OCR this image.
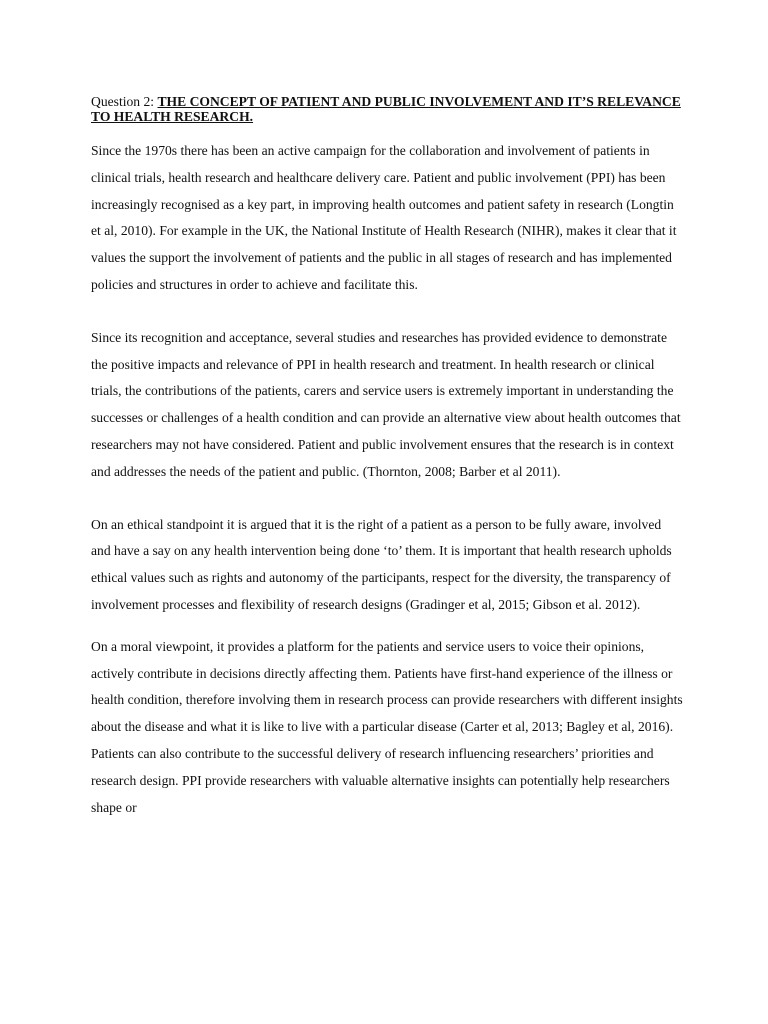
Question 2: THE CONCEPT OF PATIENT AND PUBLIC INVOLVEMENT AND IT’S RELEVANCE TO HEALTH RESEARCH.

Since the 1970s there has been an active campaign for the collaboration and involvement of patients in clinical trials, health research and healthcare delivery care. Patient and public involvement (PPI) has been increasingly recognised as a key part, in improving health outcomes and patient safety in research (Longtin et al, 2010). For example in the UK, the National Institute of Health Research (NIHR), makes it clear that it values the support the involvement of patients and the public in all stages of research and has implemented policies and structures in order to achieve and facilitate this.

Since its recognition and acceptance, several studies and researches has provided evidence to demonstrate the positive impacts and relevance of PPI in health research and treatment. In health research or clinical trials, the contributions of the patients, carers and service users is extremely important in understanding the successes or challenges of a health condition and can provide an alternative view about health outcomes that researchers may not have considered. Patient and public involvement ensures that the research is in context and addresses the needs of the patient and public. (Thornton, 2008; Barber et al 2011).

On an ethical standpoint it is argued that it is the right of a patient as a person to be fully aware, involved and have a say on any health intervention being done ‘to’ them. It is important that health research upholds ethical values such as rights and autonomy of the participants, respect for the diversity, the transparency of involvement processes and flexibility of research designs (Gradinger et al, 2015; Gibson et al. 2012).

On a moral viewpoint, it provides a platform for the patients and service users to voice their opinions, actively contribute in decisions directly affecting them. Patients have first-hand experience of the illness or health condition, therefore involving them in research process can provide researchers with different insights about the disease and what it is like to live with a particular disease (Carter et al, 2013; Bagley et al, 2016). Patients can also contribute to the successful delivery of research influencing researchers’ priorities and research design. PPI provide researchers with valuable alternative insights can potentially help researchers shape or
